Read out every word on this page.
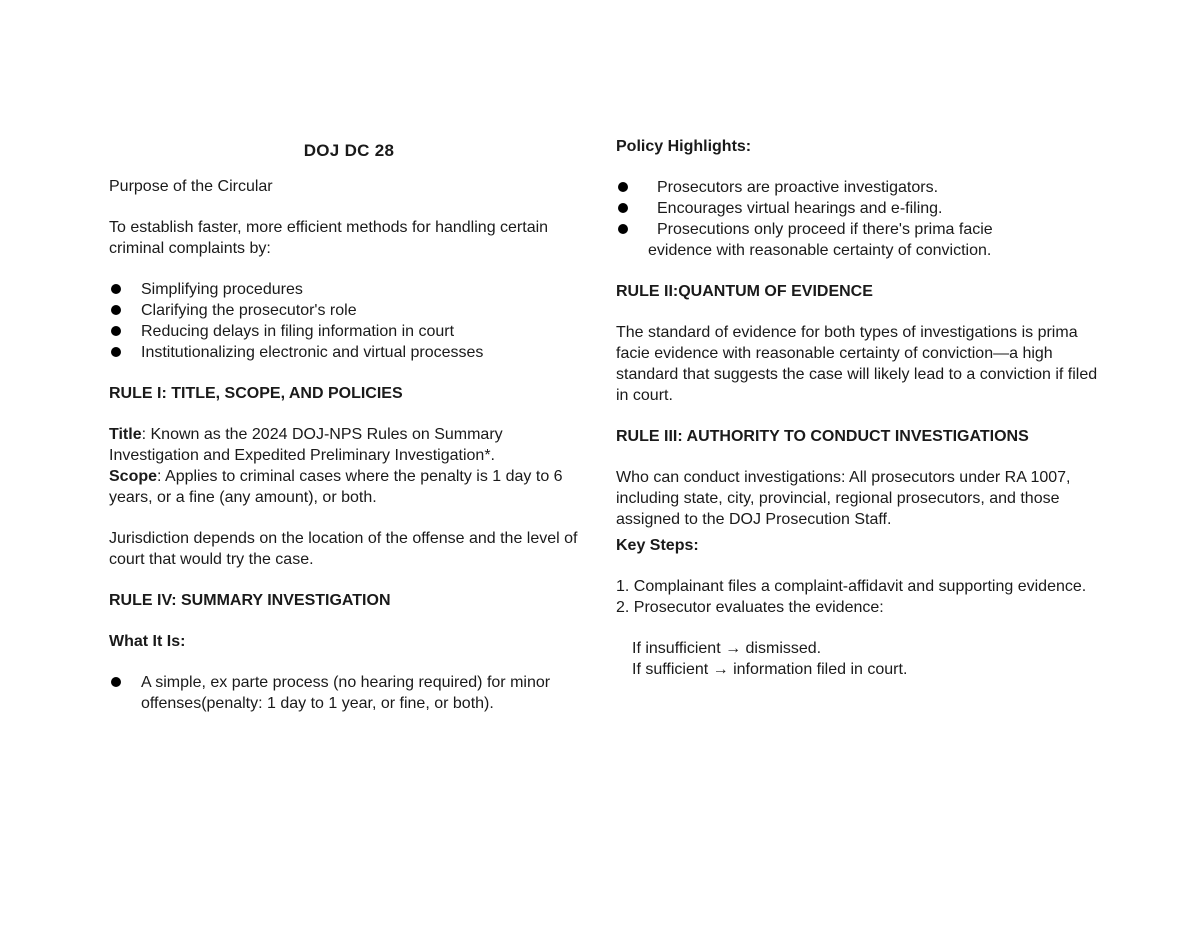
DOJ DC 28

Purpose of the Circular

To establish faster, more efficient methods for handling certain criminal complaints by:

Simplifying procedures
Clarifying the prosecutor's role
Reducing delays in filing information in court
Institutionalizing electronic and virtual processes

RULE I: TITLE, SCOPE, AND POLICIES

Title: Known as the 2024 DOJ-NPS Rules on Summary Investigation and Expedited Preliminary Investigation*.

Scope: Applies to criminal cases where the penalty is 1 day to 6 years, or a fine (any amount), or both.

Jurisdiction depends on the location of the offense and the level of court that would try the case.

RULE IV: SUMMARY INVESTIGATION

What It Is:

A simple, ex parte process (no hearing required) for minor offenses(penalty: 1 day to 1 year, or fine, or both).

Policy Highlights:

Prosecutors are proactive investigators.
Encourages virtual hearings and e-filing.
Prosecutions only proceed if there's prima facie
evidence with reasonable certainty of conviction.

RULE II:QUANTUM OF EVIDENCE

The standard of evidence for both types of investigations is prima facie evidence with reasonable certainty of conviction—a high standard that suggests the case will likely lead to a conviction if filed in court.

RULE III: AUTHORITY TO CONDUCT INVESTIGATIONS

Who can conduct investigations: All prosecutors under RA 1007, including state, city, provincial, regional prosecutors, and those assigned to the DOJ Prosecution Staff.

Key Steps:

1. Complainant files a complaint-affidavit and supporting evidence.

2. Prosecutor evaluates the evidence:

If insufficient → dismissed.

If sufficient → information filed in court.
